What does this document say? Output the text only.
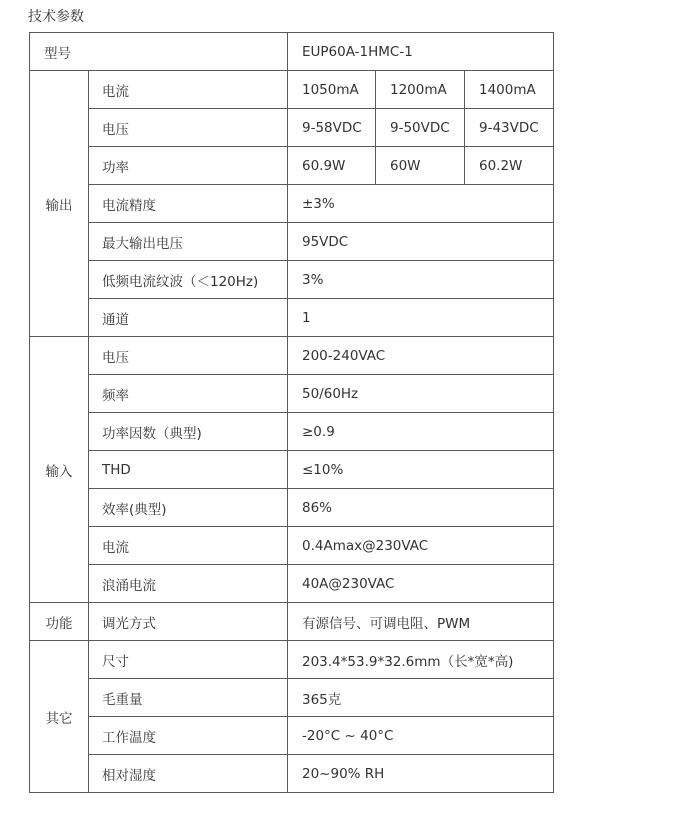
技术参数
型号		EUP60A-1HMC-1		
输出	电流	1050mA	1200mA	1400mA
	电压	9-58VDC	9-50VDC	9-43VDC
	功率	60.9W	60W	60.2W
	电流精度	±3%		
	最大输出电压	95VDC		
	低频电流纹波（＜120Hz)	3%		
	通道	1		
输入	电压	200-240VAC		
	频率	50/60Hz		
	功率因数（典型)	≥0.9		
	THD	≤10%		
	效率(典型)	86%		
	电流	0.4Amax@230VAC		
	浪涌电流	40A@230VAC		
功能	调光方式	有源信号、可调电阻、PWM		
其它	尺寸	203.4*53.9*32.6mm（长*宽*高)		
	毛重量	365克		
	工作温度	-20°C ~ 40°C		
	相对湿度	20~90% RH		
